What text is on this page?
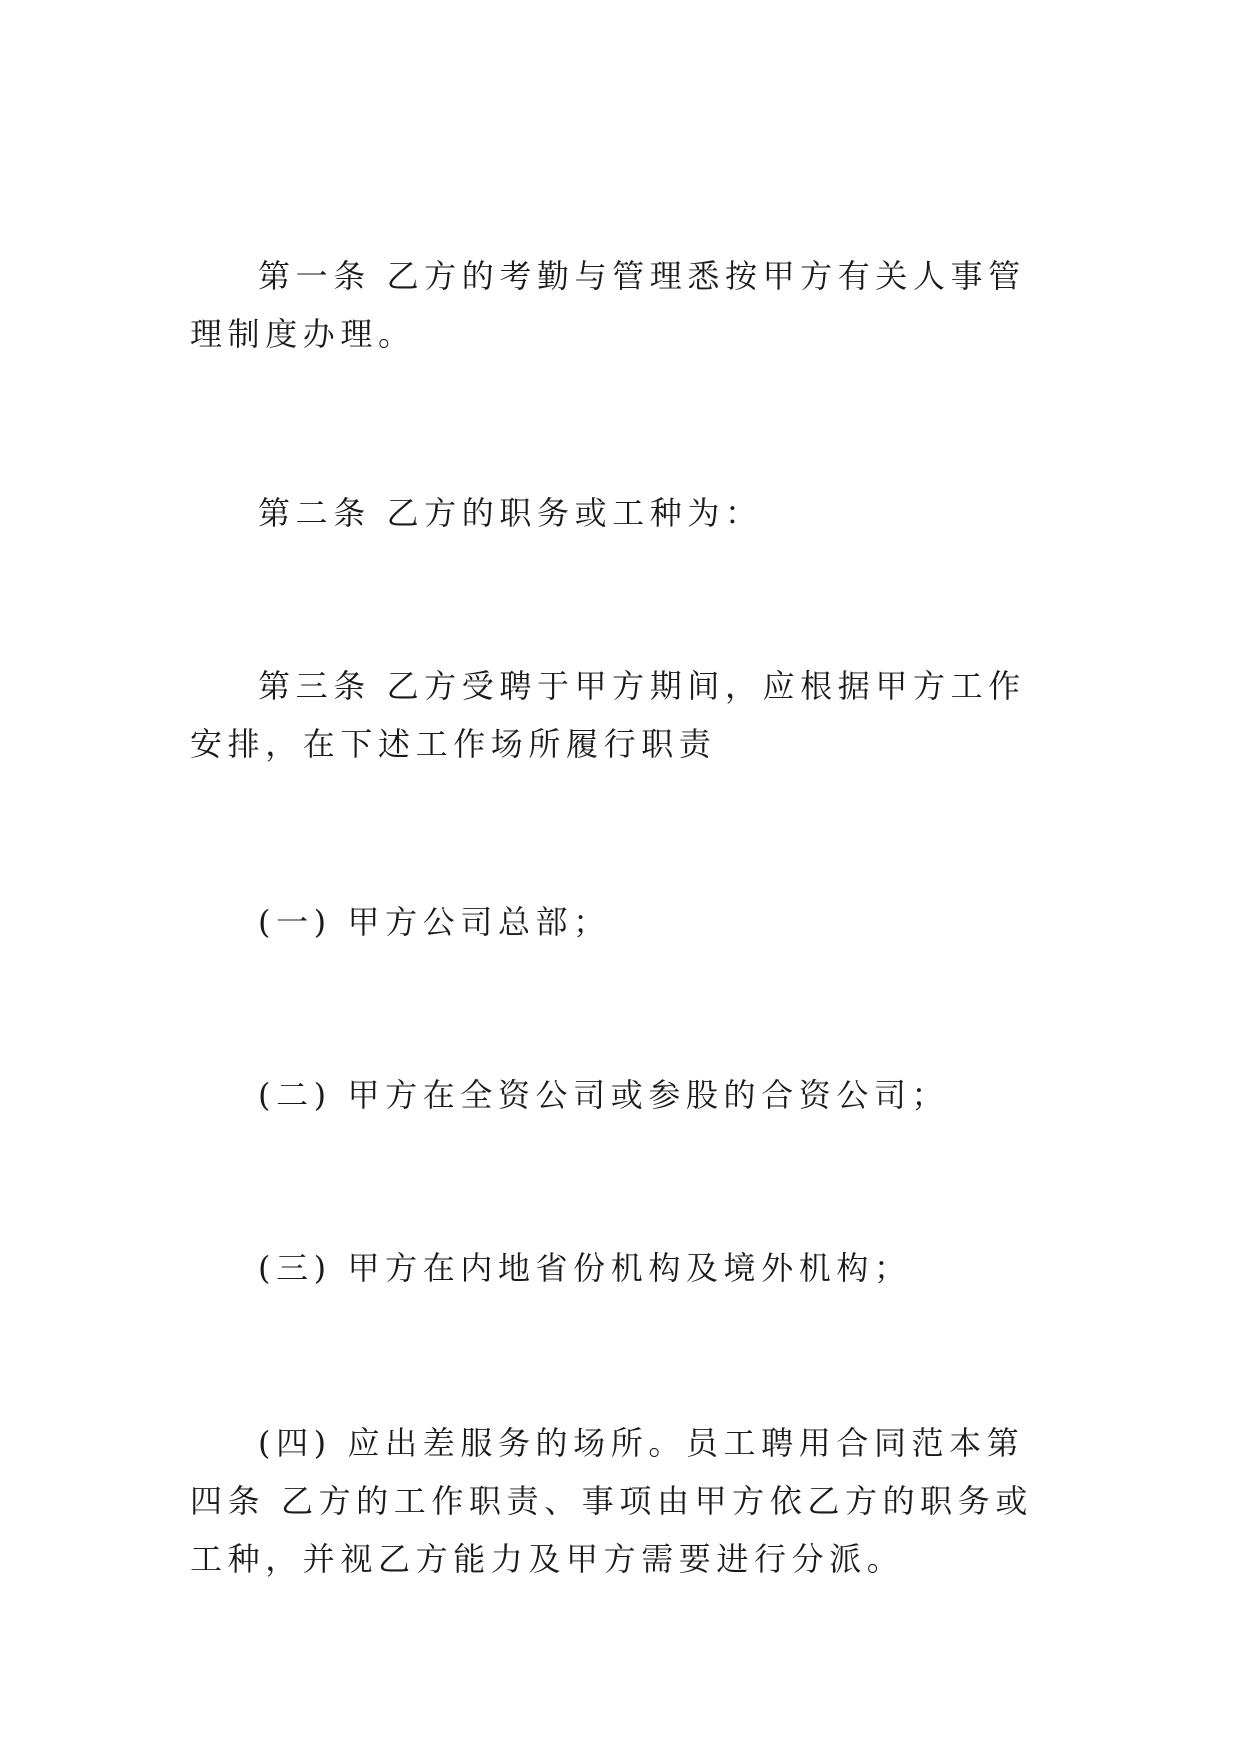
第一条 乙方的考勤与管理悉按甲方有关人事管理制度办理。

第二条 乙方的职务或工种为：

第三条 乙方受聘于甲方期间，应根据甲方工作安排，在下述工作场所履行职责

(一) 甲方公司总部；

(二) 甲方在全资公司或参股的合资公司；

(三) 甲方在内地省份机构及境外机构；

(四) 应出差服务的场所。员工聘用合同范本第四条 乙方的工作职责、事项由甲方依乙方的职务或工种，并视乙方能力及甲方需要进行分派。
